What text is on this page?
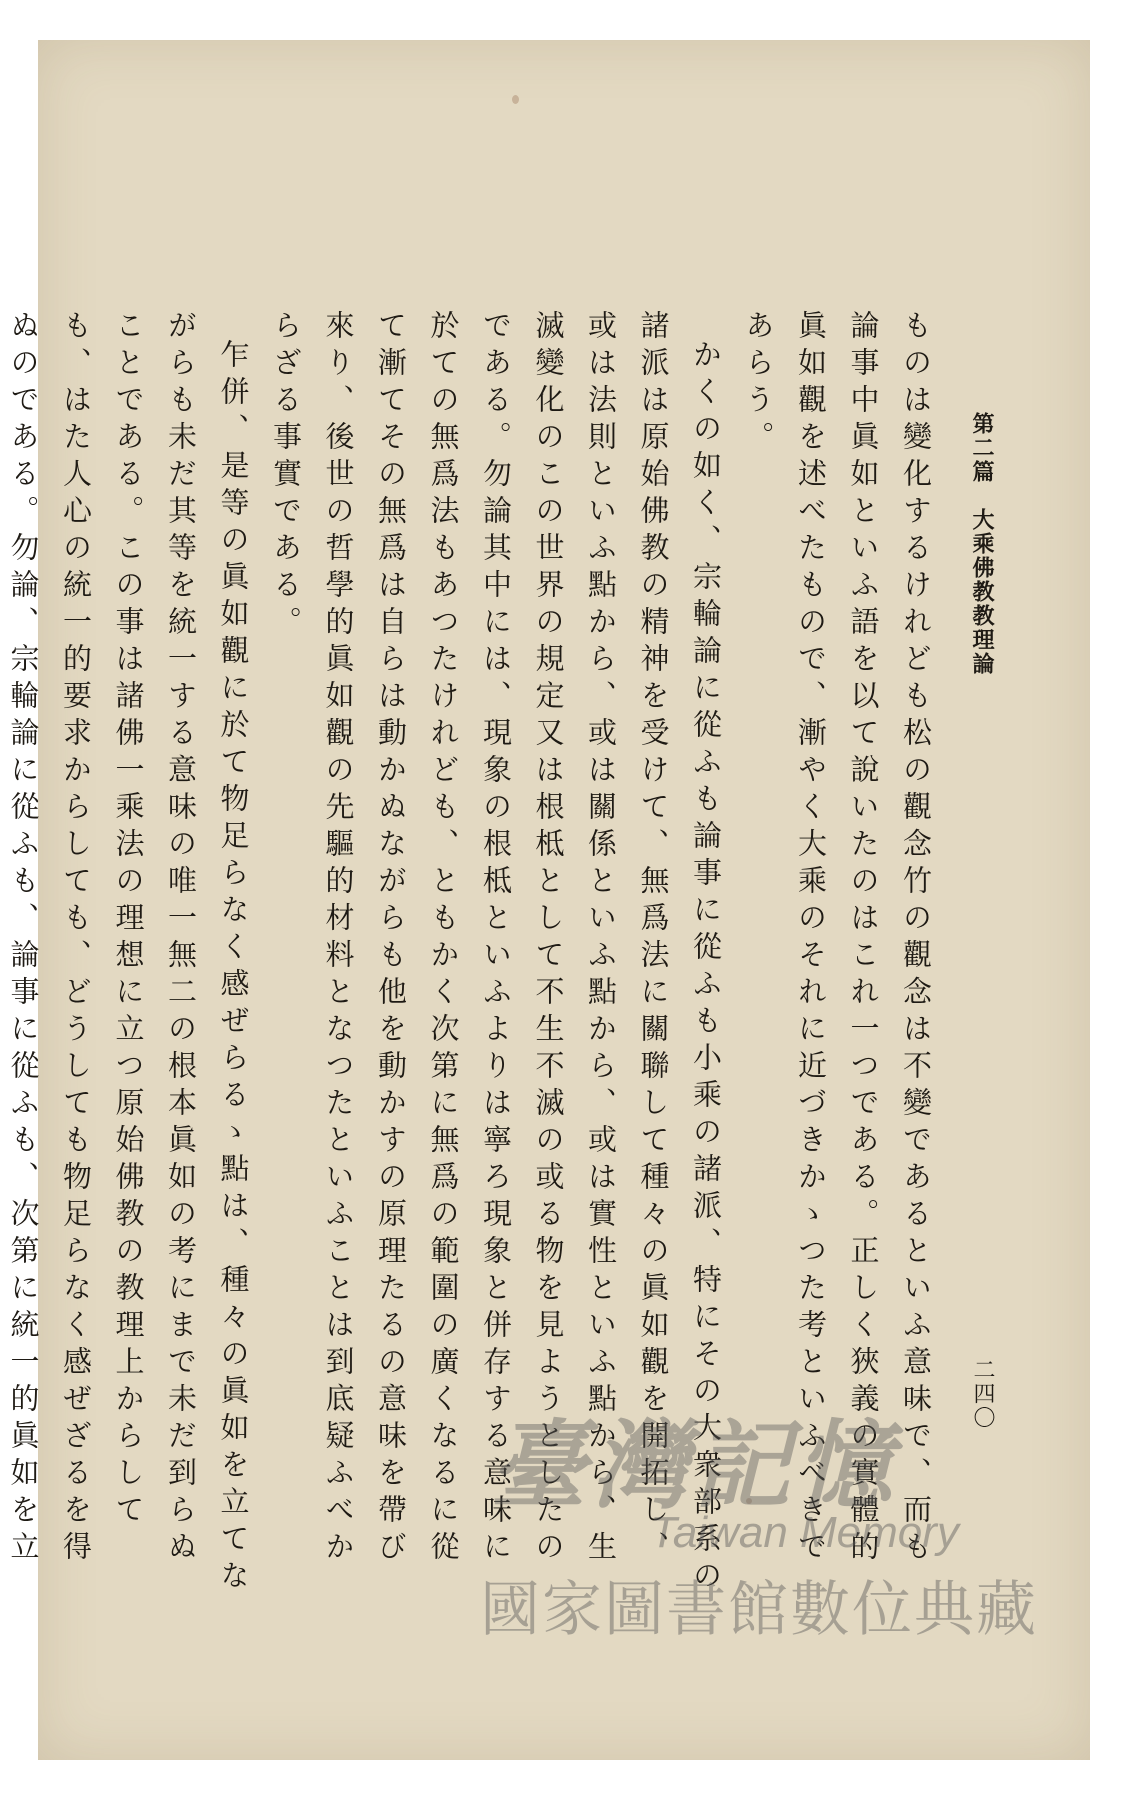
第二篇　大乘佛教教理論
二四〇

ものは變化するけれども松の觀念竹の觀念は不變であるといふ意味で、而も論事中眞如といふ語を以て說いたのはこれ一つである。正しく狹義の實體的眞如觀を述べたもので、漸やく大乘のそれに近づきかゝつた考といふべきであらう。

かくの如く、宗輪論に從ふも論事に從ふも小乘の諸派、特にその大衆部系の諸派は原始佛教の精神を受けて、無爲法に關聯して種々の眞如觀を開拓し、或は法則といふ點から、或は關係といふ點から、或は實性といふ點から、生滅變化のこの世界の規定又は根柢として不生不滅の或る物を見ようとしたのである。勿論其中には、現象の根柢といふよりは寧ろ現象と併存する意味に於ての無爲法もあつたけれども、ともかく次第に無爲の範圍の廣くなるに從て漸てその無爲は自らは動かぬながらも他を動かすの原理たるの意味を帶び來り、後世の哲學的眞如觀の先驅的材料となつたといふことは到底疑ふべからざる事實である。

乍併、是等の眞如觀に於て物足らなく感ぜらるゝ點は、種々の眞如を立てながらも未だ其等を統一する意味の唯一無二の根本眞如の考にまで未だ到らぬことである。この事は諸佛一乘法の理想に立つ原始佛教の教理上からしても、はた人心の統一的要求からしても、どうしても物足らなく感ぜざるを得ぬのである。勿論、宗輪論に從ふも、論事に從ふも、次第に統一的眞如を立

臺灣記憶
Taiwan Memory
國家圖書館數位典藏
